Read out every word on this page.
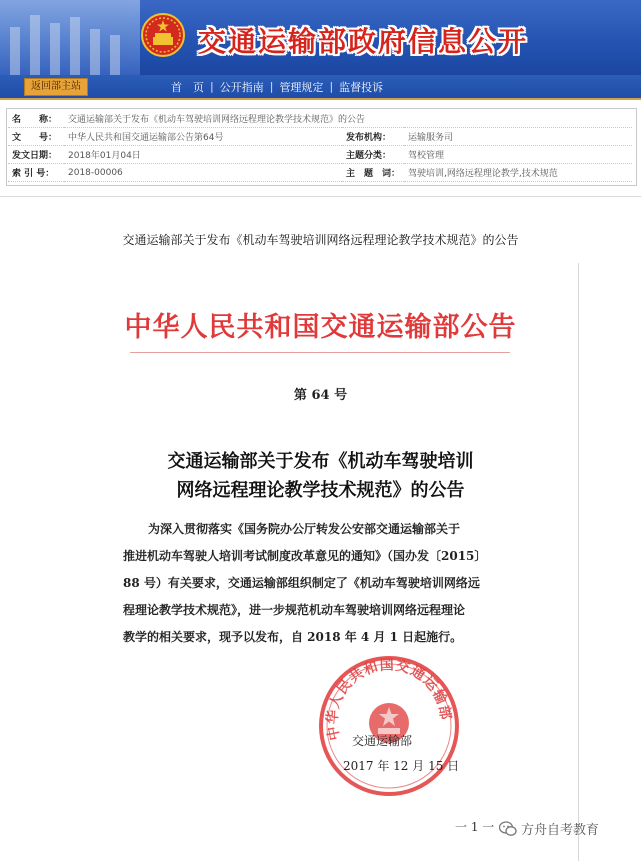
交通运输部政府信息公开
返回部主站	首　页 | 公开指南 | 管理规定 | 监督投诉
名　　称：	交通运输部关于发布《机动车驾驶培训网络远程理论教学技术规范》的公告		
文　　号：	中华人民共和国交通运输部公告第64号	发布机构：	运输服务司
发文日期：	2018年01月04日	主题分类：	驾校管理
索 引 号：	2018-00006	主　题　词：	驾驶培训,网络远程理论教学,技术规范
交通运输部关于发布《机动车驾驶培训网络远程理论教学技术规范》的公告
中华人民共和国交通运输部公告
第 64 号
交通运输部关于发布《机动车驾驶培训
网络远程理论教学技术规范》的公告
为深入贯彻落实《国务院办公厅转发公安部交通运输部关于
推进机动车驾驶人培训考试制度改革意见的通知》（国办发〔2015〕
88 号）有关要求，交通运输部组织制定了《机动车驾驶培训网络远
程理论教学技术规范》，进一步规范机动车驾驶培训网络远程理论
教学的相关要求，现予以发布，自 2018 年 4 月 1 日起施行。
中华人民共和国交通运输部
交通运输部
2017 年 12 月 15 日
一 1 一 方舟自考教育
